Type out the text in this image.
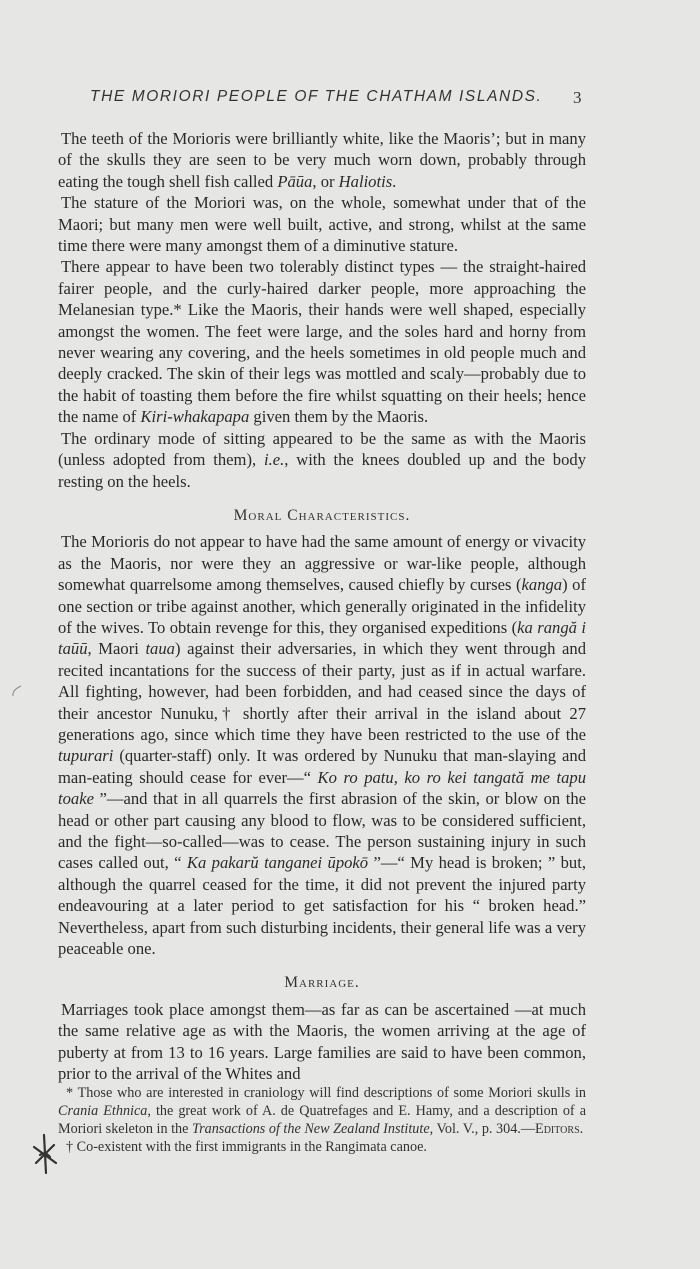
THE MORIORI PEOPLE OF THE CHATHAM ISLANDS.	3

The teeth of the Morioris were brilliantly white, like the Maoris’; but in many of the skulls they are seen to be very much worn down, probably through eating the tough shell fish called Pāūa, or Haliotis.

The stature of the Moriori was, on the whole, somewhat under that of the Maori; but many men were well built, active, and strong, whilst at the same time there were many amongst them of a diminutive stature.

There appear to have been two tolerably distinct types — the straight-haired fairer people, and the curly-haired darker people, more approaching the Melanesian type.* Like the Maoris, their hands were well shaped, especially amongst the women. The feet were large, and the soles hard and horny from never wearing any covering, and the heels sometimes in old people much and deeply cracked. The skin of their legs was mottled and scaly—probably due to the habit of toasting them before the fire whilst squatting on their heels; hence the name of Kiri-whakapapa given them by the Maoris.

The ordinary mode of sitting appeared to be the same as with the Maoris (unless adopted from them), i.e., with the knees doubled up and the body resting on the heels.

Moral Characteristics.

The Morioris do not appear to have had the same amount of energy or vivacity as the Maoris, nor were they an aggressive or war-like people, although somewhat quarrelsome among themselves, caused chiefly by curses (kanga) of one section or tribe against another, which generally originated in the infidelity of the wives. To obtain revenge for this, they organised expeditions (ka rangă i taūū, Maori taua) against their adversaries, in which they went through and recited incantations for the success of their party, just as if in actual warfare. All fighting, however, had been forbidden, and had ceased since the days of their ancestor Nunuku,† shortly after their arrival in the island about 27 generations ago, since which time they have been restricted to the use of the tupurari (quarter-staff) only. It was ordered by Nunuku that man-slaying and man-eating should cease for ever—“ Ko ro patu, ko ro kei tangată me tapu toake ”—and that in all quarrels the first abrasion of the skin, or blow on the head or other part causing any blood to flow, was to be considered sufficient, and the fight—so-called—was to cease. The person sustaining injury in such cases called out, “ Ka pakarŭ tanganei ūpokō ”—“ My head is broken; ” but, although the quarrel ceased for the time, it did not prevent the injured party endeavouring at a later period to get satisfaction for his “ broken head.” Nevertheless, apart from such disturbing incidents, their general life was a very peaceable one.

Marriage.

Marriages took place amongst them—as far as can be ascertained —at much the same relative age as with the Maoris, the women arriving at the age of puberty at from 13 to 16 years. Large families are said to have been common, prior to the arrival of the Whites and

* Those who are interested in craniology will find descriptions of some Moriori skulls in Crania Ethnica, the great work of A. de Quatrefages and E. Hamy, and a description of a Moriori skeleton in the Transactions of the New Zealand Institute, Vol. V., p. 304.—Editors.

† Co-existent with the first immigrants in the Rangimata canoe.
